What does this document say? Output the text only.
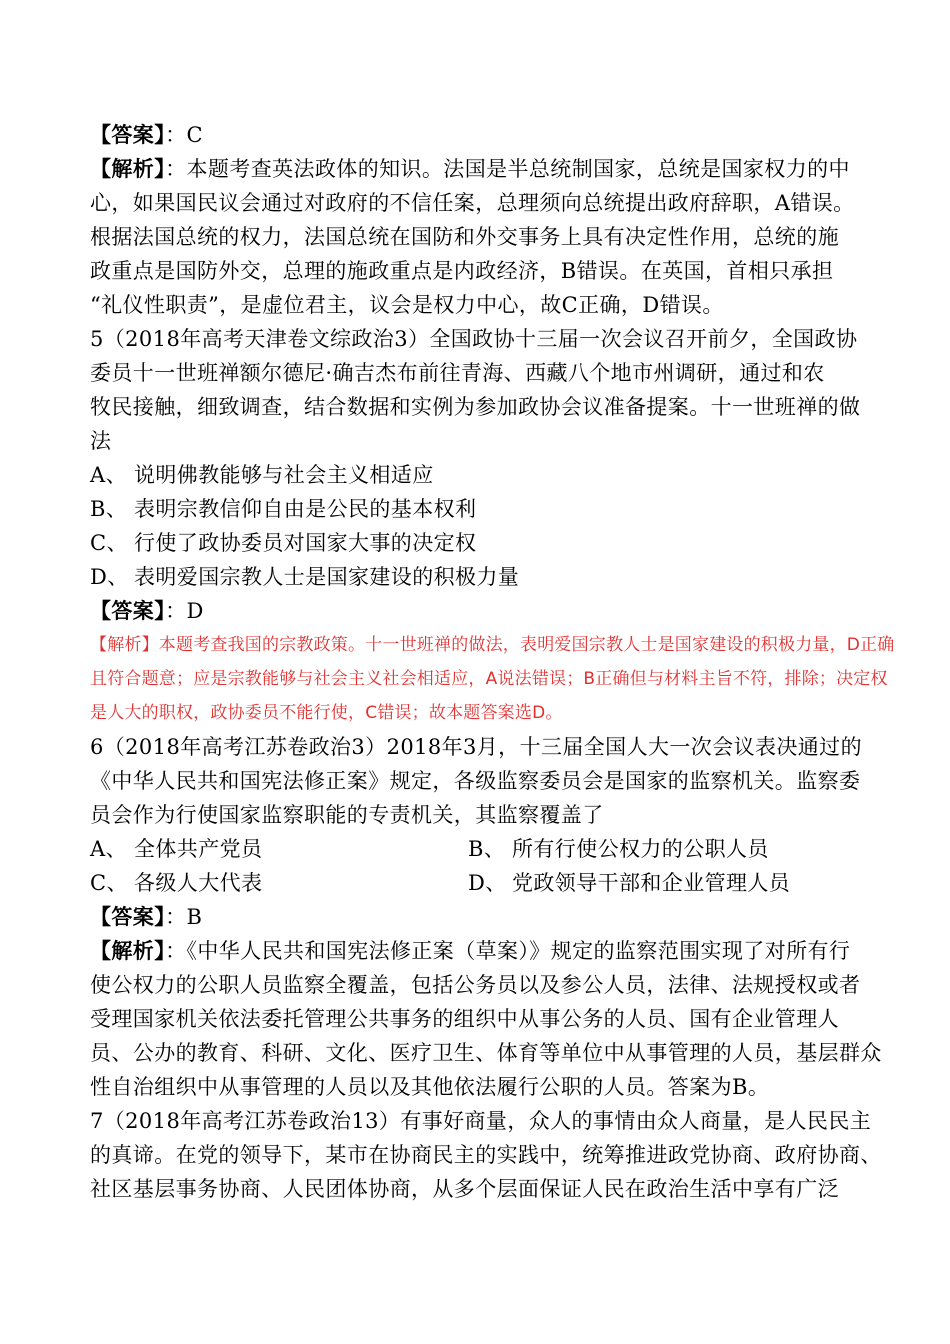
【答案】：C
【解析】：本题考查英法政体的知识。法国是半总统制国家，总统是国家权力的中
心，如果国民议会通过对政府的不信任案，总理须向总统提出政府辞职，A错误。
根据法国总统的权力，法国总统在国防和外交事务上具有决定性作用，总统的施
政重点是国防外交，总理的施政重点是内政经济，B错误。在英国，首相只承担
“礼仪性职责”，是虚位君主，议会是权力中心，故C正确，D错误。
5（2018年高考天津卷文综政治3）全国政协十三届一次会议召开前夕，全国政协
委员十一世班禅额尔德尼·确吉杰布前往青海、西藏八个地市州调研，通过和农
牧民接触，细致调查，结合数据和实例为参加政协会议准备提案。十一世班禅的做
法
A、 说明佛教能够与社会主义相适应
B、 表明宗教信仰自由是公民的基本权利
C、 行使了政协委员对国家大事的决定权
D、 表明爱国宗教人士是国家建设的积极力量
【答案】：D
【解析】本题考查我国的宗教政策。十一世班禅的做法，表明爱国宗教人士是国家建设的积极力量，D正确
且符合题意；应是宗教能够与社会主义社会相适应，A说法错误；B正确但与材料主旨不符，排除；决定权
是人大的职权，政协委员不能行使，C错误；故本题答案选D。
6（2018年高考江苏卷政治3）2018年3月，十三届全国人大一次会议表决通过的
《中华人民共和国宪法修正案》规定，各级监察委员会是国家的监察机关。监察委
员会作为行使国家监察职能的专责机关，其监察覆盖了
A、 全体共产党员	B、 所有行使公权力的公职人员
C、 各级人大代表	D、 党政领导干部和企业管理人员
【答案】：B
【解析】：《中华人民共和国宪法修正案（草案）》规定的监察范围实现了对所有行
使公权力的公职人员监察全覆盖，包括公务员以及参公人员，法律、法规授权或者
受理国家机关依法委托管理公共事务的组织中从事公务的人员、国有企业管理人
员、公办的教育、科研、文化、医疗卫生、体育等单位中从事管理的人员，基层群众
性自治组织中从事管理的人员以及其他依法履行公职的人员。答案为B。
7（2018年高考江苏卷政治13）有事好商量，众人的事情由众人商量，是人民民主
的真谛。在党的领导下，某市在协商民主的实践中，统筹推进政党协商、政府协商、
社区基层事务协商、人民团体协商，从多个层面保证人民在政治生活中享有广泛
